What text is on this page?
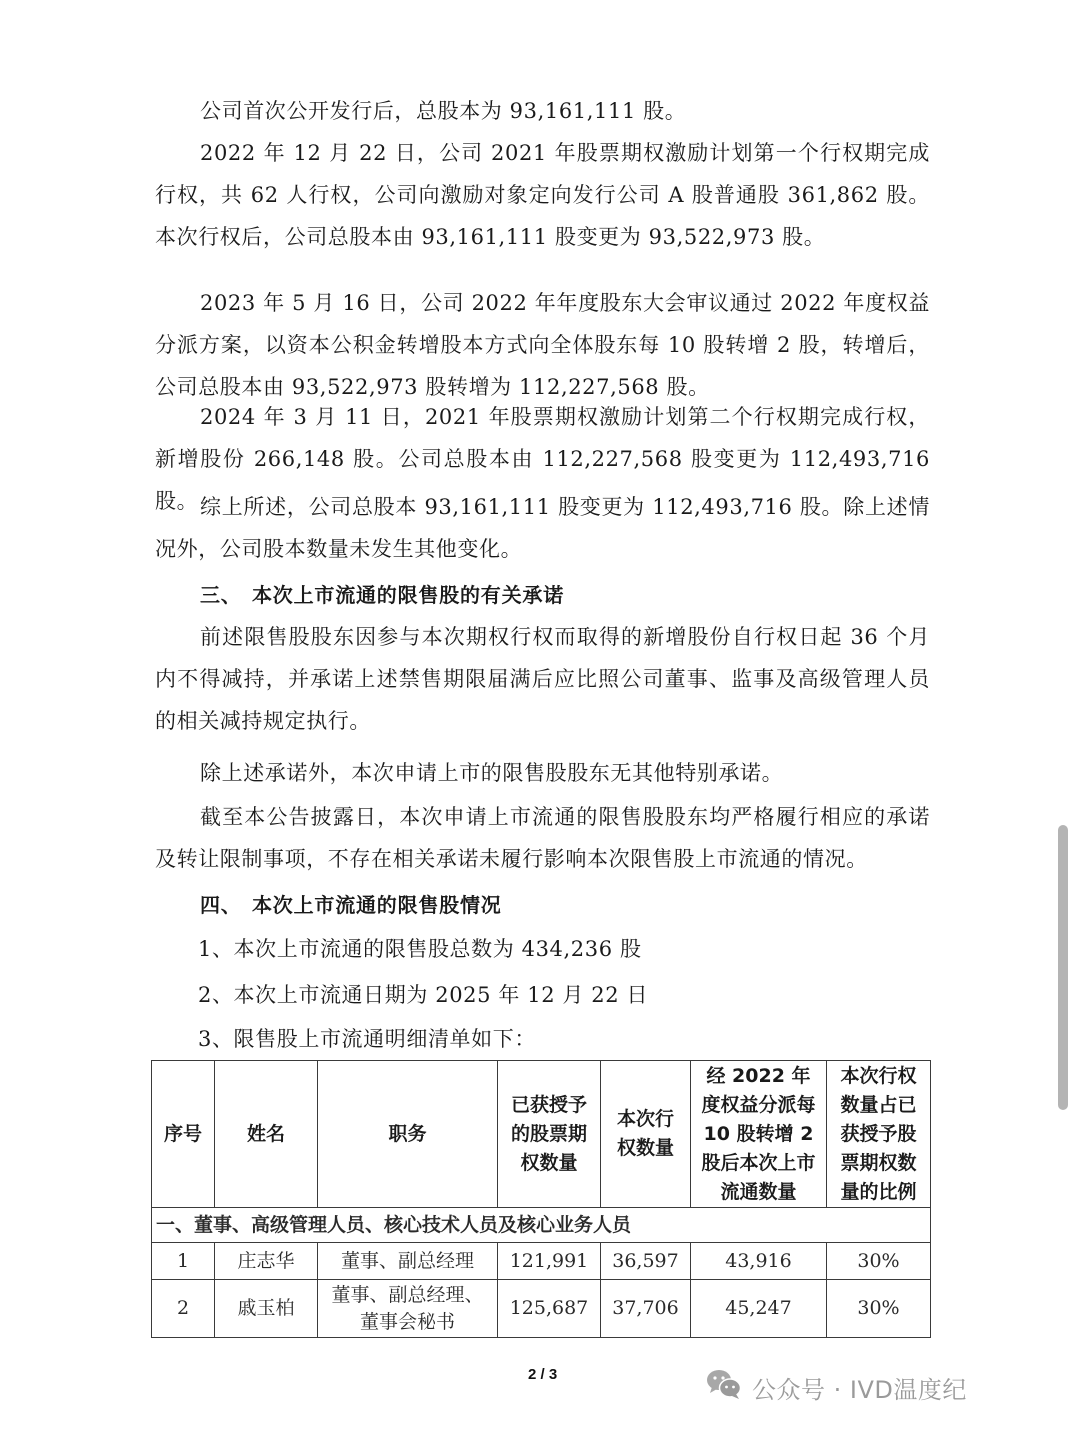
公司首次公开发行后，总股本为 93,161,111 股。
2022 年 12 月 22 日，公司 2021 年股票期权激励计划第一个行权期完成行权，共 62 人行权，公司向激励对象定向发行公司 A 股普通股 361,862 股。本次行权后，公司总股本由 93,161,111 股变更为 93,522,973 股。
2023 年 5 月 16 日，公司 2022 年年度股东大会审议通过 2022 年度权益分派方案，以资本公积金转增股本方式向全体股东每 10 股转增 2 股，转增后，公司总股本由 93,522,973 股转增为 112,227,568 股。
2024 年 3 月 11 日，2021 年股票期权激励计划第二个行权期完成行权，新增股份 266,148 股。公司总股本由 112,227,568 股变更为 112,493,716 股。 综上所述，公司总股本 93,161,111 股变更为 112,493,716 股。除上述情况外，公司股本数量未发生其他变化。
三、 本次上市流通的限售股的有关承诺
前述限售股股东因参与本次期权行权而取得的新增股份自行权日起 36 个月内不得减持，并承诺上述禁售期限届满后应比照公司董事、监事及高级管理人员的相关减持规定执行。
除上述承诺外，本次申请上市的限售股股东无其他特别承诺。
截至本公告披露日，本次申请上市流通的限售股股东均严格履行相应的承诺及转让限制事项，不存在相关承诺未履行影响本次限售股上市流通的情况。
四、 本次上市流通的限售股情况
1、本次上市流通的限售股总数为 434,236 股
2、本次上市流通日期为 2025 年 12 月 22 日
3、限售股上市流通明细清单如下：
序号	姓名	职务	已获授予的股票期权数量	本次行权数量	经 2022 年度权益分派每 10 股转增 2 股后本次上市流通数量	本次行权数量占已获授予股票期权数量的比例
一、董事、高级管理人员、核心技术人员及核心业务人员						
1	庄志华	董事、副总经理	121,991	36,597	43,916	30%
2	戚玉柏	董事、副总经理、董事会秘书	125,687	37,706	45,247	30%
2 / 3
公众号 · IVD温度纪
